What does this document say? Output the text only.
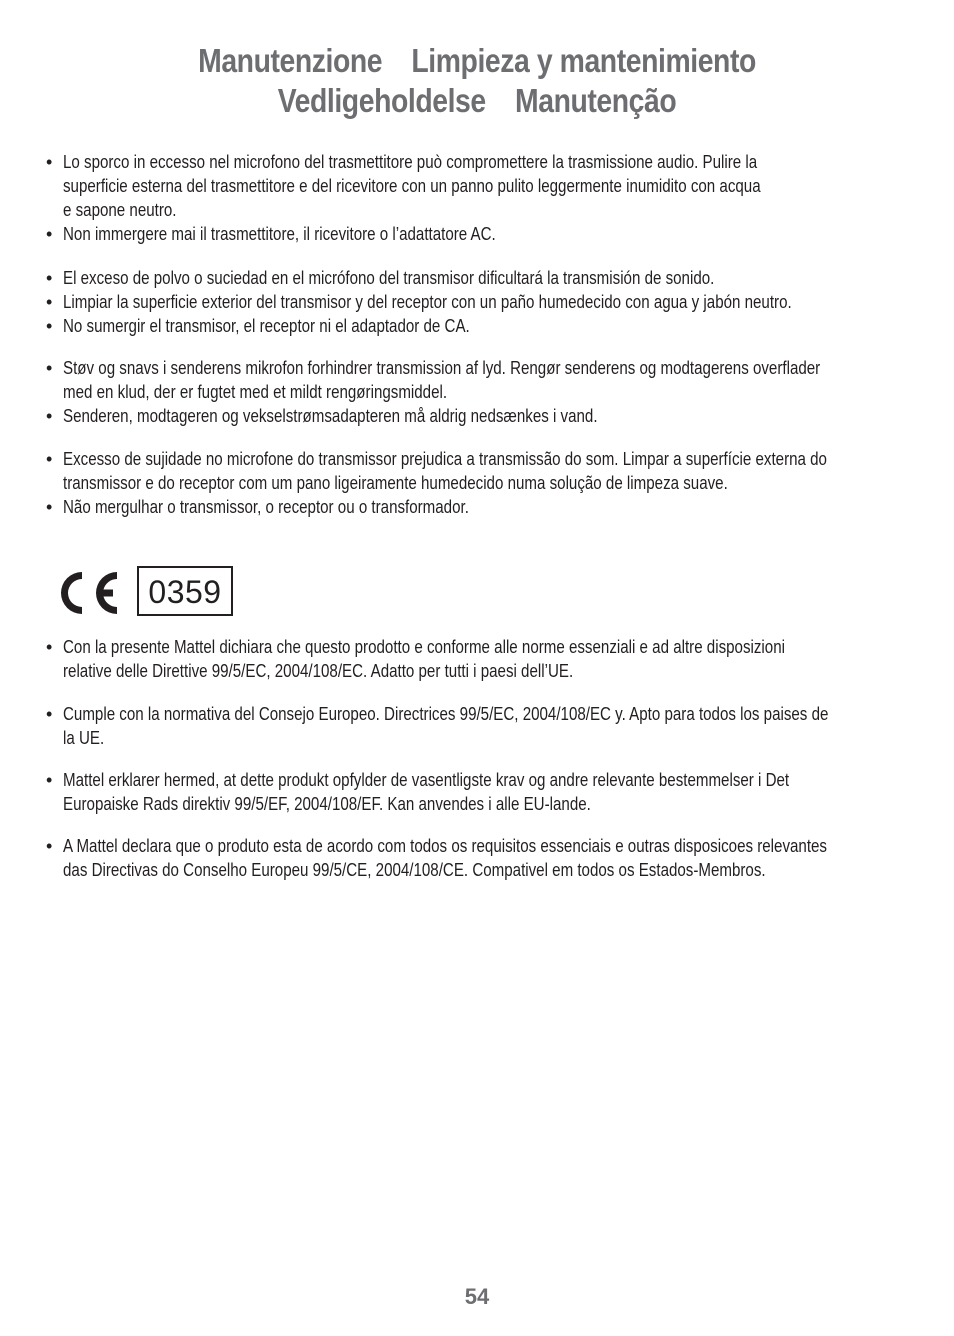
Manutenzione Limpieza y mantenimiento
Vedligeholdelse Manutenção
• Lo sporco in eccesso nel microfono del trasmettitore può compromettere la trasmissione audio. Pulire la
superficie esterna del trasmettitore e del ricevitore con un panno pulito leggermente inumidito con acqua
e sapone neutro.
• Non immergere mai il trasmettitore, il ricevitore o l’adattatore AC.
• El exceso de polvo o suciedad en el micrófono del transmisor dificultará la transmisión de sonido.
• Limpiar la superficie exterior del transmisor y del receptor con un paño humedecido con agua y jabón neutro.
• No sumergir el transmisor, el receptor ni el adaptador de CA.
• Støv og snavs i senderens mikrofon forhindrer transmission af lyd. Rengør senderens og modtagerens overflader
med en klud, der er fugtet med et mildt rengøringsmiddel.
• Senderen, modtageren og vekselstrømsadapteren må aldrig nedsænkes i vand.
• Excesso de sujidade no microfone do transmissor prejudica a transmissão do som. Limpar a superfície externa do
transmissor e do receptor com um pano ligeiramente humedecido numa solução de limpeza suave.
• Não mergulhar o transmissor, o receptor ou o transformador.
0359
• Con la presente Mattel dichiara che questo prodotto e conforme alle norme essenziali e ad altre disposizioni
relative delle Direttive 99/5/EC, 2004/108/EC. Adatto per tutti i paesi dell’UE.
• Cumple con la normativa del Consejo Europeo. Directrices 99/5/EC, 2004/108/EC y. Apto para todos los paises de
la UE.
• Mattel erklarer hermed, at dette produkt opfylder de vasentligste krav og andre relevante bestemmelser i Det
Europaiske Rads direktiv 99/5/EF, 2004/108/EF. Kan anvendes i alle EU-lande.
• A Mattel declara que o produto esta de acordo com todos os requisitos essenciais e outras disposicoes relevantes
das Directivas do Conselho Europeu 99/5/CE, 2004/108/CE. Compativel em todos os Estados-Membros.
54
